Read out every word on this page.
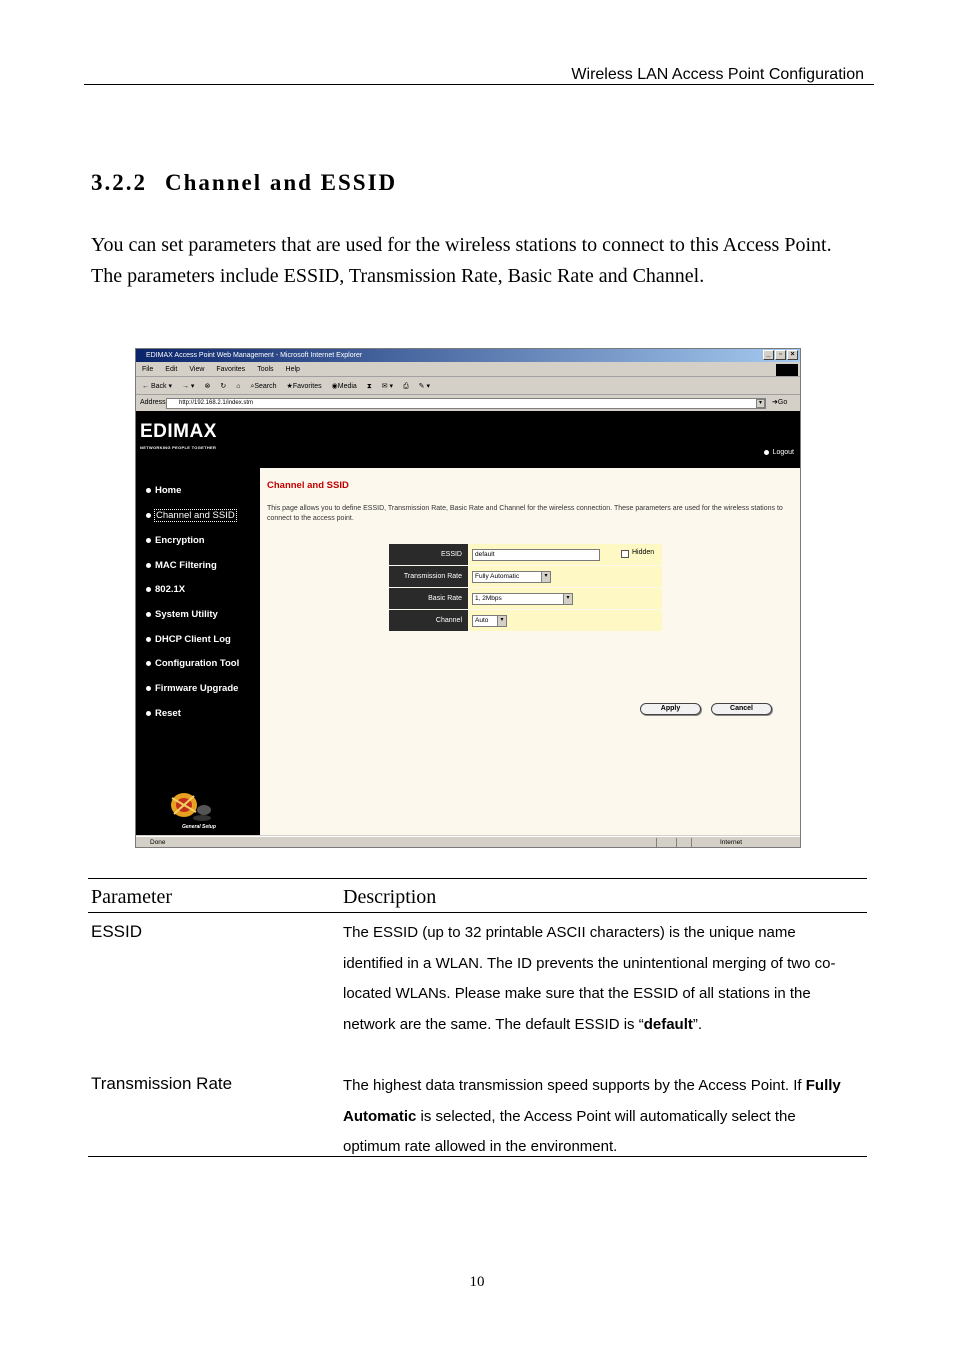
Wireless LAN Access Point Configuration
3.2.2 Channel and ESSID

You can set parameters that are used for the wireless stations to connect to this Access Point. The parameters include ESSID, Transmission Rate, Basic Rate and Channel.

EDIMAX Access Point Web Management - Microsoft Internet Explorer	_	▫	×
File Edit View Favorites Tools Help
← Back ▾ → ▾ ⊗ ↻ ⌂ ⌕Search ★Favorites ◉Media ⧗ ✉ ▾ ⎙ ✎ ▾
Address	http://192.168.2.1/index.stm	▾	➜Go
EDIMAX
NETWORKING PEOPLE TOGETHER
Logout
Home
Channel and SSID
Encryption
MAC Filtering
802.1X
System Utility
DHCP Client Log
Configuration Tool
Firmware Upgrade
Reset
General Setup
Channel and SSID
This page allows you to define ESSID, Transmission Rate, Basic Rate and Channel for the wireless connection. These parameters are used for the wireless stations to connect to the access point.
ESSID	default	Hidden
Transmission Rate	Fully Automatic	▾
Basic Rate	1, 2Mbps	▾
Channel	Auto	▾
Apply	Cancel
Done	Internet
Parameter	Description
ESSID	The ESSID (up to 32 printable ASCII characters) is the unique name identified in a WLAN. The ID prevents the unintentional merging of two co-located WLANs. Please make sure that the ESSID of all stations in the network are the same. The default ESSID is “default”.
Transmission Rate	The highest data transmission speed supports by the Access Point. If Fully Automatic is selected, the Access Point will automatically select the optimum rate allowed in the environment.
10
